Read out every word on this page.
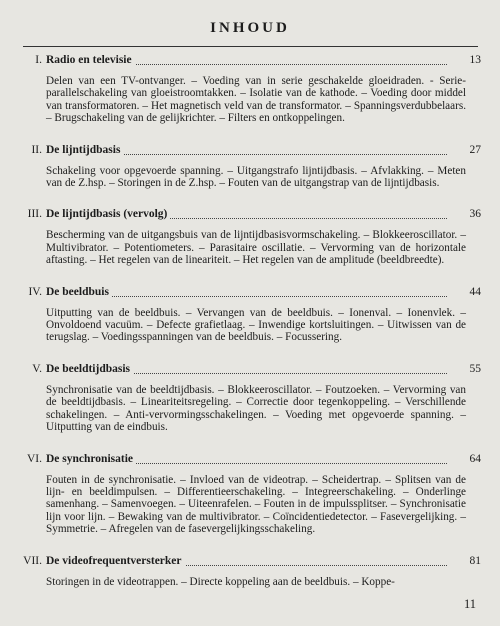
INHOUD
I. Radio en televisie	13
Delen van een TV-ontvanger. – Voeding van in serie geschakelde gloeidraden. - Serie-parallelschakeling van gloeistroomtakken. – Isolatie van de kathode. – Voeding door middel van transformatoren. – Het magnetisch veld van de transformator. – Spanningsverdubbelaars. – Brugschakeling van de gelijkrichter. – Filters en ontkoppelingen.
II. De lijntijdbasis	27
Schakeling voor opgevoerde spanning. – Uitgangstrafo lijntijdbasis. – Afvlakking. – Meten van de Z.hsp. – Storingen in de Z.hsp. – Fouten van de uitgangstrap van de lijntijdbasis.
III. De lijntijdbasis (vervolg)	36
Bescherming van de uitgangsbuis van de lijntijdbasisvormschakeling. – Blokkeeroscillator. – Multivibrator. – Potentiometers. – Parasitaire oscillatie. – Vervorming van de horizontale aftasting. – Het regelen van de lineariteit. – Het regelen van de amplitude (beeldbreedte).
IV. De beeldbuis	44
Uitputting van de beeldbuis. – Vervangen van de beeldbuis. – Ionenval. – Ionenvlek. – Onvoldoend vacuüm. – Defecte grafietlaag. – Inwendige kortsluitingen. – Uitwissen van de terugslag. – Voedingsspanningen van de beeldbuis. – Focussering.
V. De beeldtijdbasis	55
Synchronisatie van de beeldtijdbasis. – Blokkeeroscillator. – Foutzoeken. – Vervorming van de beeldtijdbasis. – Lineariteitsregeling. – Correctie door tegenkoppeling. – Verschillende schakelingen. – Anti-vervormingsschakelingen. – Voeding met opgevoerde spanning. – Uitputting van de eindbuis.
VI. De synchronisatie	64
Fouten in de synchronisatie. – Invloed van de videotrap. – Scheidertrap. – Splitsen van de lijn- en beeldimpulsen. – Differentieerschakeling. – Integreerschakeling. – Onderlinge samenhang. – Samenvoegen. – Uiteenrafelen. – Fouten in de impulssplitser. – Synchronisatie lijn voor lijn. – Bewaking van de multivibrator. – Coïncidentiedetector. – Fasevergelijking. – Symmetrie. – Afregelen van de fasevergelijkingsschakeling.
VII. De videofrequentversterker	81
Storingen in de videotrappen. – Directe koppeling aan de beeldbuis. – Koppe-
11
